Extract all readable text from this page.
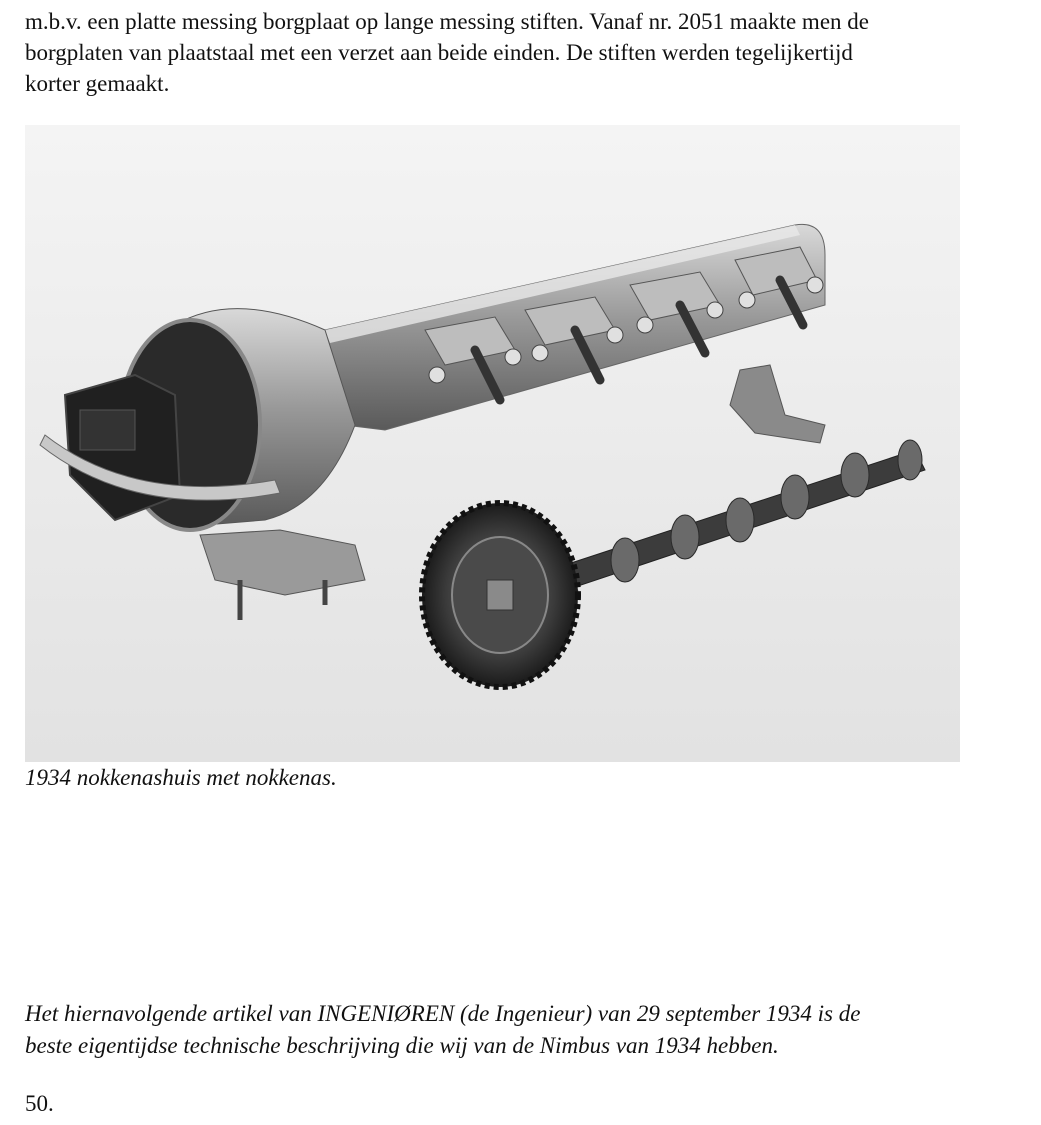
m.b.v. een platte messing borgplaat op lange messing stiften. Vanaf nr. 2051 maakte men de
borgplaten van plaatstaal met een verzet aan beide einden. De stiften werden tegelijkertijd
korter gemaakt.

1934 nokkenashuis met nokkenas.

Het hiernavolgende artikel van INGENIØREN (de Ingenieur) van 29 september 1934 is de
beste eigentijdse technische beschrijving die wij van de Nimbus van 1934 hebben.

50.
